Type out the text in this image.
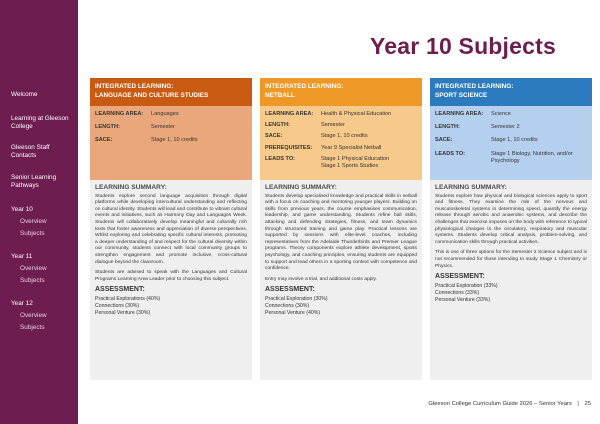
Welcome
Learning at Gleeson College
Gleeson Staff Contacts
Senior Learning Pathways
Year 10
Overview
Subjects
Year 11
Overview
Subjects
Year 12
Overview
Subjects
Year 10 Subjects
INTEGRATED LEARNING:
LANGUAGE AND CULTURE STUDIES
LEARNING AREA:	Languages
LENGTH:	Semester
SACE:	Stage 1, 10 credits
LEARNING SUMMARY:

Students explore second language acquisition through digital platforms while developing intercultural understanding and reflecting on cultural identity. Students will lead and contribute to vibrant cultural events and initiatives, such as Harmony Day and Languages Week. Students will collaboratively develop meaningful and culturally rich texts that foster awareness and appreciation of diverse perspectives. Whilst exploring and celebrating specific cultural interests, promoting a deeper understanding of and respect for the cultural diversity within our community, students connect with local community groups to strengthen engagement and promote inclusive, cross-cultural dialogue beyond the classroom.

Students are advised to speak with the Languages and Cultural Programs Learning Area Leader prior to choosing this subject.

ASSESSMENT:
Practical Explorations (40%)
Connections (30%)
Personal Venture (30%)
INTEGRATED LEARNING:
NETBALL
LEARNING AREA:	Health & Physical Education
LENGTH:	Semester
SACE:	Stage 1, 10 credits
PREREQUISITES:	Year 9 Specialist Netball
LEADS TO:	Stage 1 Physical Education
Stage 1 Sports Studies
LEARNING SUMMARY:

Students develop specialised knowledge and practical skills in netball with a focus on coaching and mentoring younger players. Building on skills from previous years, the course emphasises communication, leadership, and game understanding. Students refine ball skills, attacking and defending strategies, fitness, and team dynamics through structured training and game play. Practical lessons are supported by sessions with elite-level coaches, including representatives from the Adelaide Thunderbirds and Premier League programs. Theory components explore athlete development, sports psychology, and coaching principles, ensuring students are equipped to support and lead others in a sporting context with competence and confidence.

Entry may involve a trial, and additional costs apply.

ASSESSMENT:
Practical Exploration (30%)
Connections (30%)
Personal Venture (40%)
INTEGRATED LEARNING:
SPORT SCIENCE
LEARNING AREA:	Science
LENGTH:	Semester 2
SACE:	Stage 1, 10 credits
LEADS TO:	Stage 1 Biology, Nutrition, and/or Psychology
LEARNING SUMMARY:

Students explore how physical and biological sciences apply to sport and fitness. They examine the role of the nervous and musculoskeletal systems in determining speed, quantify the energy release through aerobic and anaerobic systems, and describe the challenges that exercise imposes on the body with reference to typical physiological changes to the circulatory, respiratory and muscular systems. Students develop critical analysis, problem-solving, and communication skills through practical activities.

This is one of three options for the Semester 2 Science subject and is not recommended for those intending to study Stage 1 Chemistry or Physics.

ASSESSMENT:
Practical Exploration (33%)
Connections (33%)
Personal Venture (33%)
Gleeson College Curriculum Guide 2026 – Senior Years | 25
